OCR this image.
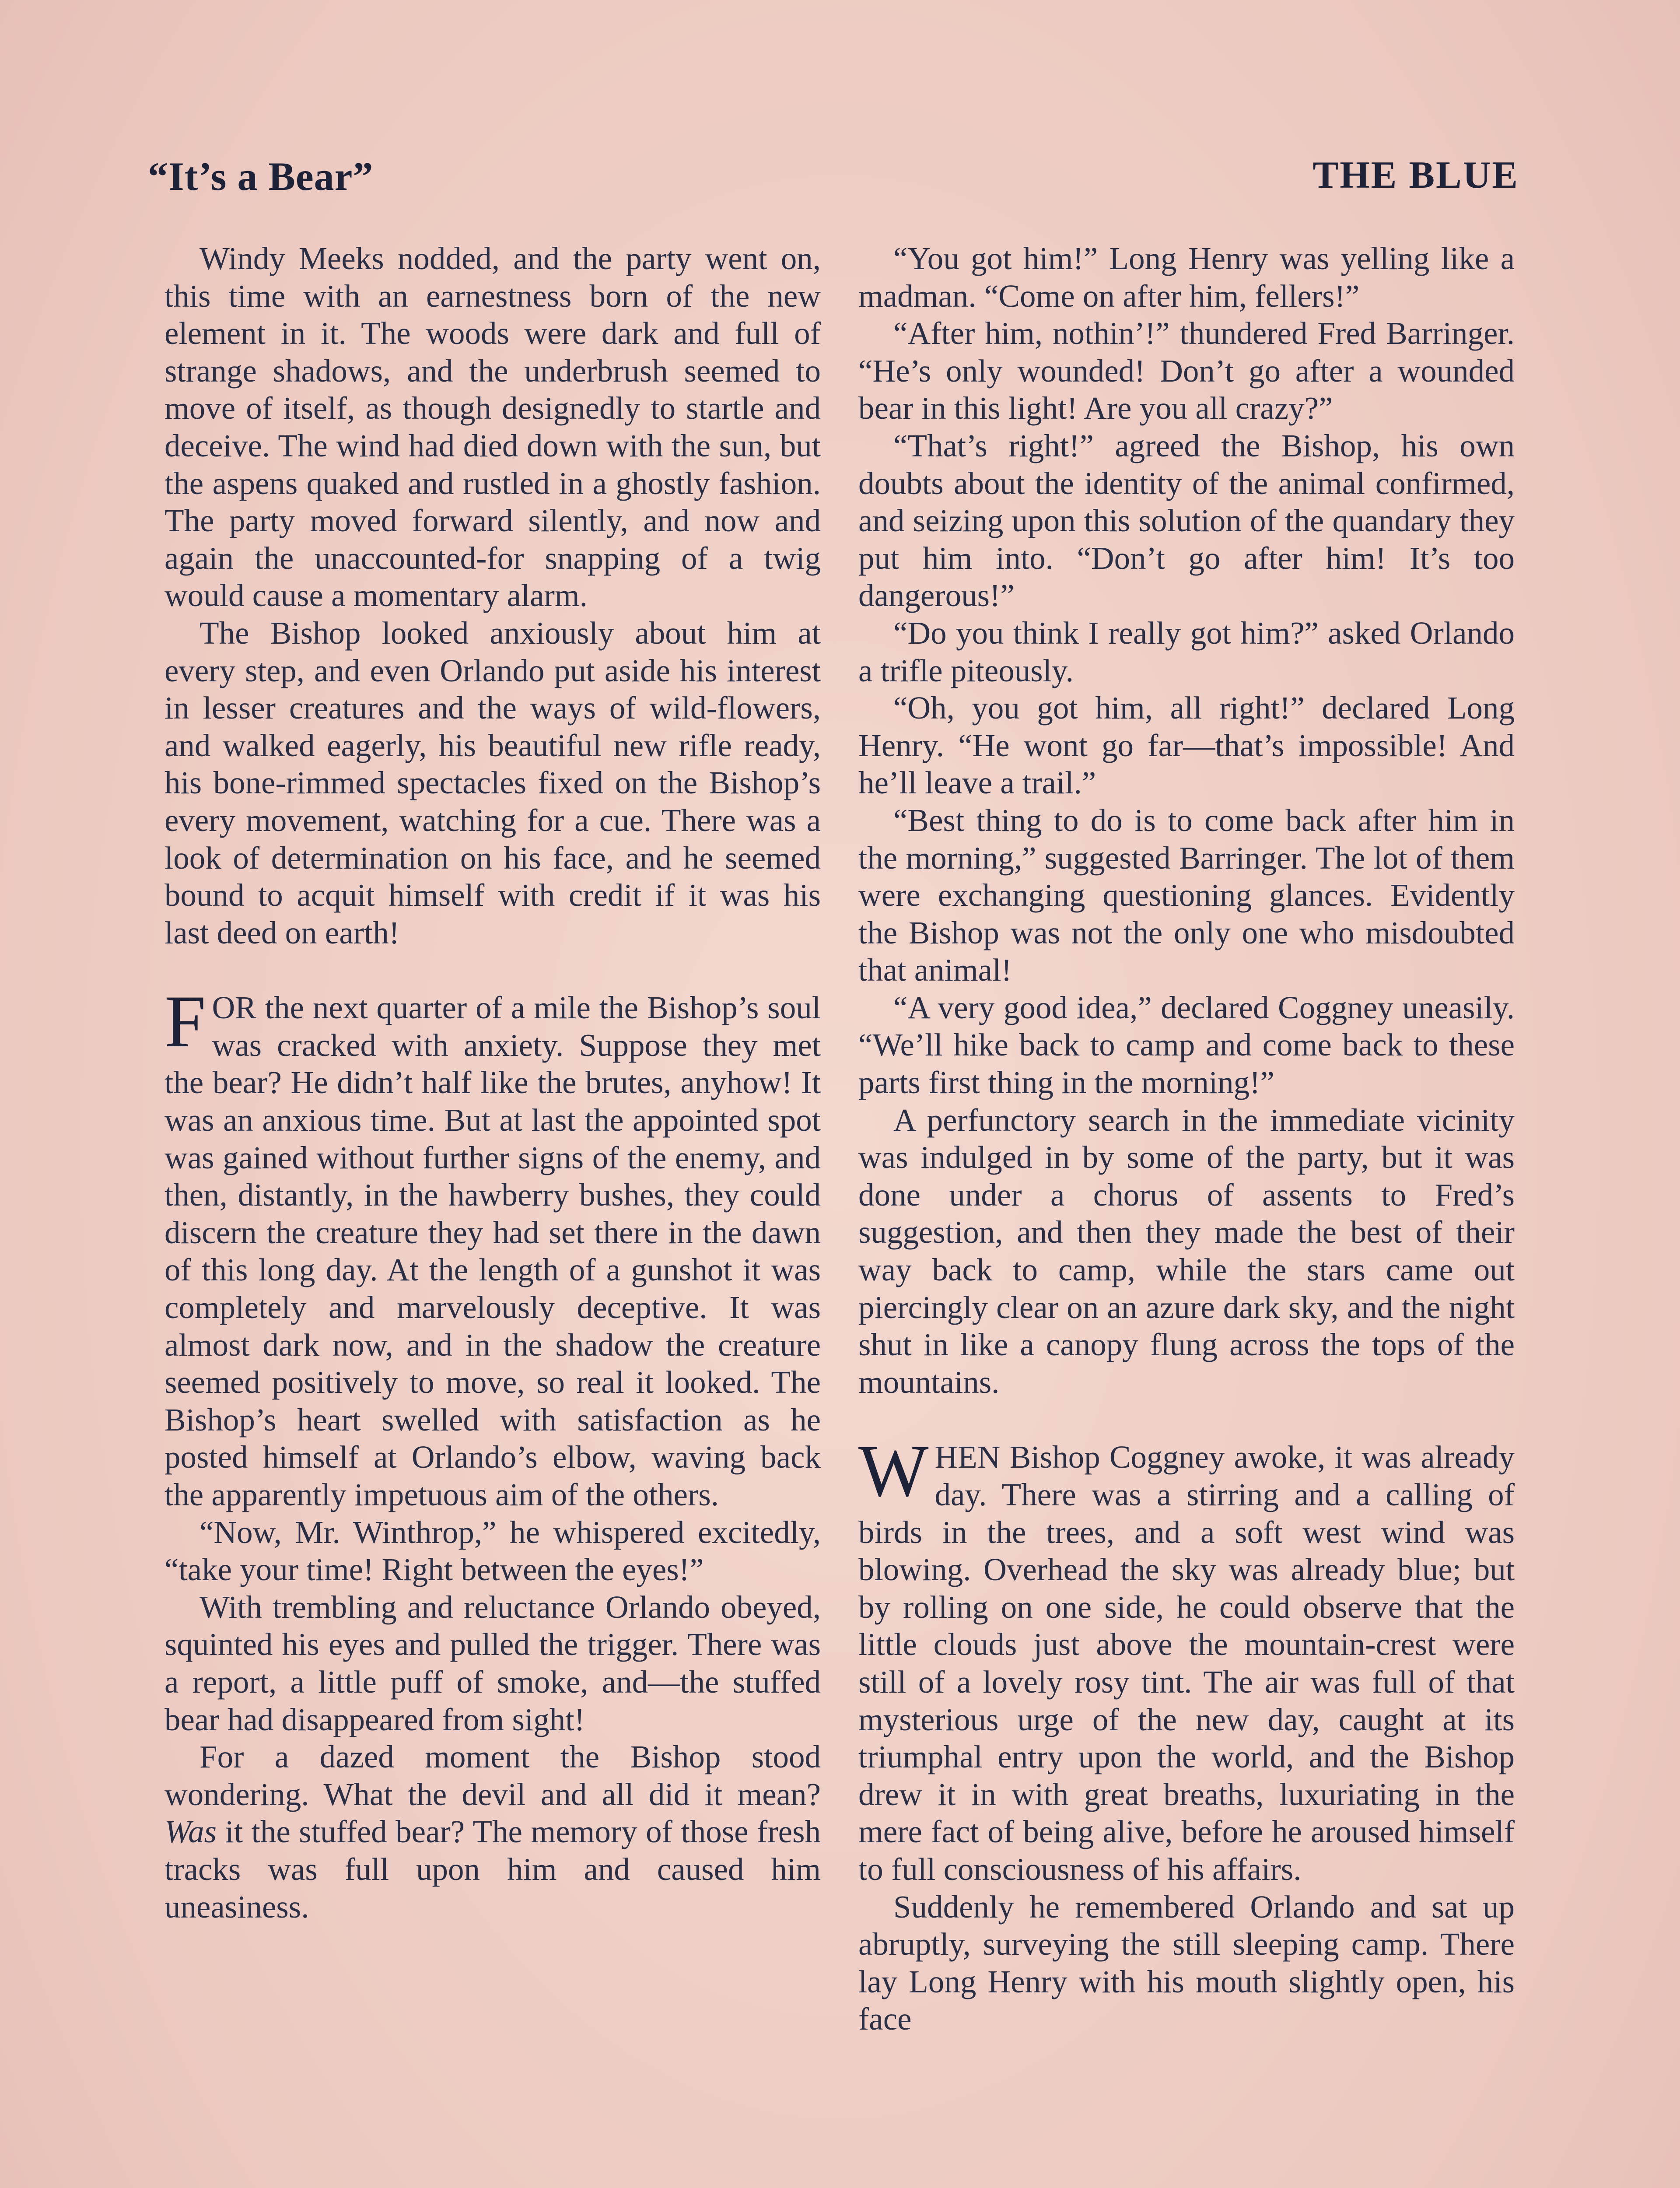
“It’s a Bear”	THE BLUE

Windy Meeks nodded, and the party went on, this time with an earnestness born of the new element in it. The woods were dark and full of strange shadows, and the underbrush seemed to move of itself, as though designedly to startle and deceive. The wind had died down with the sun, but the aspens quaked and rustled in a ghostly fashion. The party moved forward silently, and now and again the unaccounted-for snapping of a twig would cause a momentary alarm.

The Bishop looked anxiously about him at every step, and even Orlando put aside his interest in lesser creatures and the ways of wild-flowers, and walked eagerly, his beautiful new rifle ready, his bone-rimmed spectacles fixed on the Bishop’s every movement, watching for a cue. There was a look of determination on his face, and he seemed bound to acquit himself with credit if it was his last deed on earth!

FOR the next quarter of a mile the Bishop’s soul was cracked with anxiety. Suppose they met the bear? He didn’t half like the brutes, anyhow! It was an anxious time. But at last the appointed spot was gained without further signs of the enemy, and then, distantly, in the hawberry bushes, they could discern the creature they had set there in the dawn of this long day. At the length of a gunshot it was completely and marvelously deceptive. It was almost dark now, and in the shadow the creature seemed positively to move, so real it looked. The Bishop’s heart swelled with satisfaction as he posted himself at Orlando’s elbow, waving back the apparently impetuous aim of the others.

“Now, Mr. Winthrop,” he whispered excitedly, “take your time! Right between the eyes!”

With trembling and reluctance Orlando obeyed, squinted his eyes and pulled the trigger. There was a report, a little puff of smoke, and—the stuffed bear had disappeared from sight!

For a dazed moment the Bishop stood wondering. What the devil and all did it mean? Was it the stuffed bear? The memory of those fresh tracks was full upon him and caused him uneasiness.

“You got him!” Long Henry was yelling like a madman. “Come on after him, fellers!”

“After him, nothin’!” thundered Fred Barringer. “He’s only wounded! Don’t go after a wounded bear in this light! Are you all crazy?”

“That’s right!” agreed the Bishop, his own doubts about the identity of the animal confirmed, and seizing upon this solution of the quandary they put him into. “Don’t go after him! It’s too dangerous!”

“Do you think I really got him?” asked Orlando a trifle piteously.

“Oh, you got him, all right!” declared Long Henry. “He wont go far—that’s impossible! And he’ll leave a trail.”

“Best thing to do is to come back after him in the morning,” suggested Barringer. The lot of them were exchanging questioning glances. Evidently the Bishop was not the only one who misdoubted that animal!

“A very good idea,” declared Coggney uneasily. “We’ll hike back to camp and come back to these parts first thing in the morning!”

A perfunctory search in the immediate vicinity was indulged in by some of the party, but it was done under a chorus of assents to Fred’s suggestion, and then they made the best of their way back to camp, while the stars came out piercingly clear on an azure dark sky, and the night shut in like a canopy flung across the tops of the mountains.

WHEN Bishop Coggney awoke, it was already day. There was a stirring and a calling of birds in the trees, and a soft west wind was blowing. Overhead the sky was already blue; but by rolling on one side, he could observe that the little clouds just above the mountain-crest were still of a lovely rosy tint. The air was full of that mysterious urge of the new day, caught at its triumphal entry upon the world, and the Bishop drew it in with great breaths, luxuriating in the mere fact of being alive, before he aroused himself to full consciousness of his affairs.

Suddenly he remembered Orlando and sat up abruptly, surveying the still sleeping camp. There lay Long Henry with his mouth slightly open, his face
